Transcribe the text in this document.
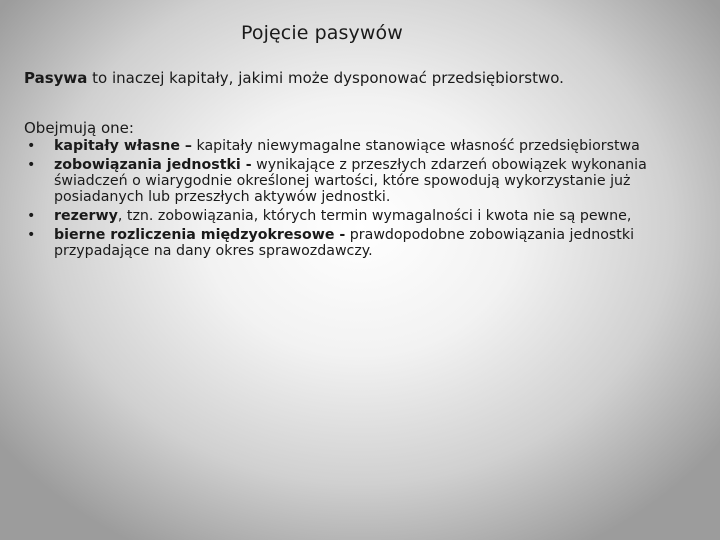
Pojęcie pasywów
Pasywa to inaczej kapitały, jakimi może dysponować przedsiębiorstwo.
Obejmują one:
• kapitały własne – kapitały niewymagalne stanowiące własność przedsiębiorstwa
• zobowiązania jednostki - wynikające z przeszłych zdarzeń obowiązek wykonania świadczeń o wiarygodnie określonej wartości, które spowodują wykorzystanie już posiadanych lub przeszłych aktywów jednostki.
• rezerwy, tzn. zobowiązania, których termin wymagalności i kwota nie są pewne,
• bierne rozliczenia międzyokresowe - prawdopodobne zobowiązania jednostki przypadające na dany okres sprawozdawczy.
